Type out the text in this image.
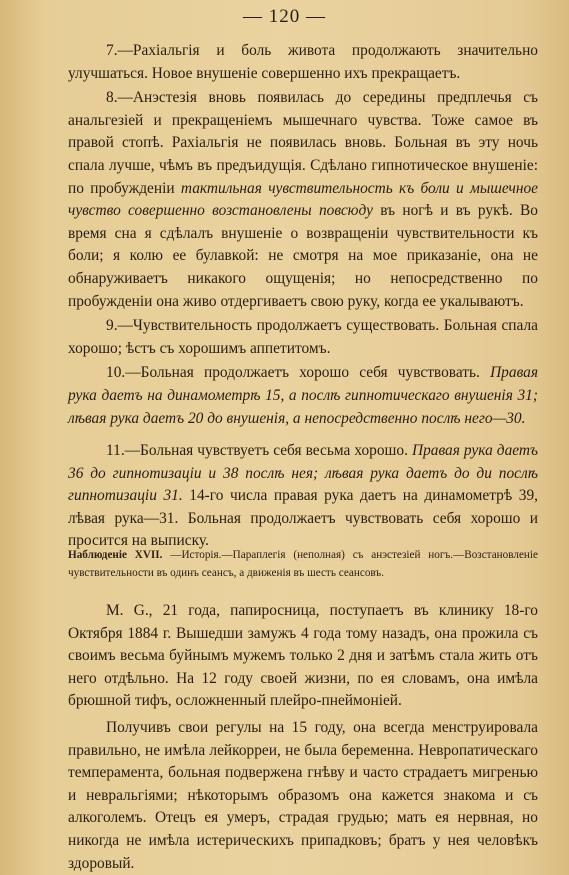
— 120 —

7.—Рахіальгія и боль живота продолжають значительно улучшаться. Новое внушеніе совершенно ихъ прекращаетъ.

8.—Анэстезія вновь появилась до середины предплечья съ анальгезіей и прекращеніемъ мышечнаго чувства. Тоже самое въ правой стопѣ. Рахіальгія не появилась вновь. Больная въ эту ночь спала лучше, чѣмъ въ предъидущія. Сдѣлано гипнотическое внушеніе: по пробужденіи тактильная чувствительность къ боли и мышечное чувство совершенно возстановлены повсюду въ ногѣ и въ рукѣ. Во время сна я сдѣлалъ внушеніе о возвращеніи чувствительности къ боли; я колю ее булавкой: не смотря на мое приказаніе, она не обнаруживаетъ никакого ощущенія; но непосредственно по пробужденіи она живо отдергиваетъ свою руку, когда ее укалываютъ.

9.—Чувствительность продолжаетъ существовать. Больная спала хорошо; ѣстъ съ хорошимъ аппетитомъ.

10.—Больная продолжаетъ хорошо себя чувствовать. Правая рука даетъ на динамометрѣ 15, а послѣ гипнотическаго внушенія 31; лѣвая рука даетъ 20 до внушенія, а непосредственно послѣ него—30.

11.—Больная чувствуетъ себя весьма хорошо. Правая рука даетъ 36 до гипнотизаціи и 38 послѣ нея; лѣвая рука даетъ до ди послѣ гипнотизаціи 31. 14-го числа правая рука даетъ на динамометрѣ 39, лѣвая рука—31. Больная продолжаетъ чувствовать себя хорошо и просится на выписку.

Наблюденіе XVII. —Исторія.—Параплегія (неполная) съ анэстезіей ногъ.—Возстановленіе чувствительности въ одинъ сеансъ, а движенія въ шесть сеансовъ.

M. G., 21 года, папиросница, поступаетъ въ клинику 18-го Октября 1884 г. Вышедши замужъ 4 года тому назадъ, она прожила съ своимъ весьма буйнымъ мужемъ только 2 дня и затѣмъ стала жить отъ него отдѣльно. На 12 году своей жизни, по ея словамъ, она имѣла брюшной тифъ, осложненный плейро-пнеймоніей.

Получивъ свои регулы на 15 году, она всегда менструировала правильно, не имѣла лейкорреи, не была беременна. Невропатическаго темперамента, больная подвержена гнѣву и часто страдаетъ мигренью и невральгіями; нѣкоторымъ образомъ она кажется знакома и съ алкоголемъ. Отецъ ея умеръ, страдая грудью; мать ея нервная, но никогда не имѣла истерическихъ припадковъ; братъ у нея человѣкъ здоровый.
